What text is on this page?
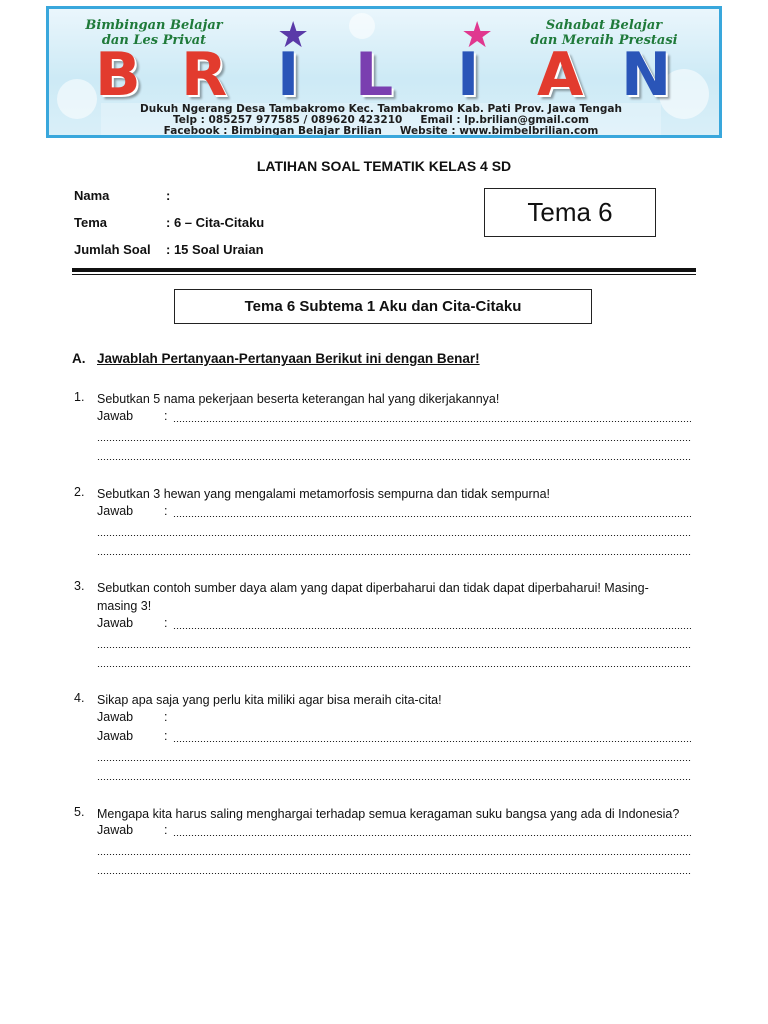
Bimbingan Belajar
dan Les Privat
Sahabat Belajar
dan Meraih Prestasi
★	★
B R I L I A N
Dukuh Ngerang Desa Tambakromo Kec. Tambakromo Kab. Pati Prov. Jawa Tengah
Telp : 085257 977585 / 089620 423210 Email : lp.brilian@gmail.com
Facebook : Bimbingan Belajar Brilian Website : www.bimbelbrilian.com
LATIHAN SOAL TEMATIK KELAS 4 SD
Nama	:
Tema	: 6 – Cita-Citaku
Jumlah Soal	: 15 Soal Uraian
Tema 6
Tema 6 Subtema 1 Aku dan Cita-Citaku
A. Jawablah Pertanyaan-Pertanyaan Berikut ini dengan Benar!
1. Sebutkan 5 nama pekerjaan beserta keterangan hal yang dikerjakannya!
Jawab :
2. Sebutkan 3 hewan yang mengalami metamorfosis sempurna dan tidak sempurna!
Jawab :
3. Sebutkan contoh sumber daya alam yang dapat diperbaharui dan tidak dapat diperbaharui! Masing-masing 3!
Jawab :
4. Sikap apa saja yang perlu kita miliki agar bisa meraih cita-cita!
Jawab :
Jawab :
5. Mengapa kita harus saling menghargai terhadap semua keragaman suku bangsa yang ada di Indonesia?
Jawab :
